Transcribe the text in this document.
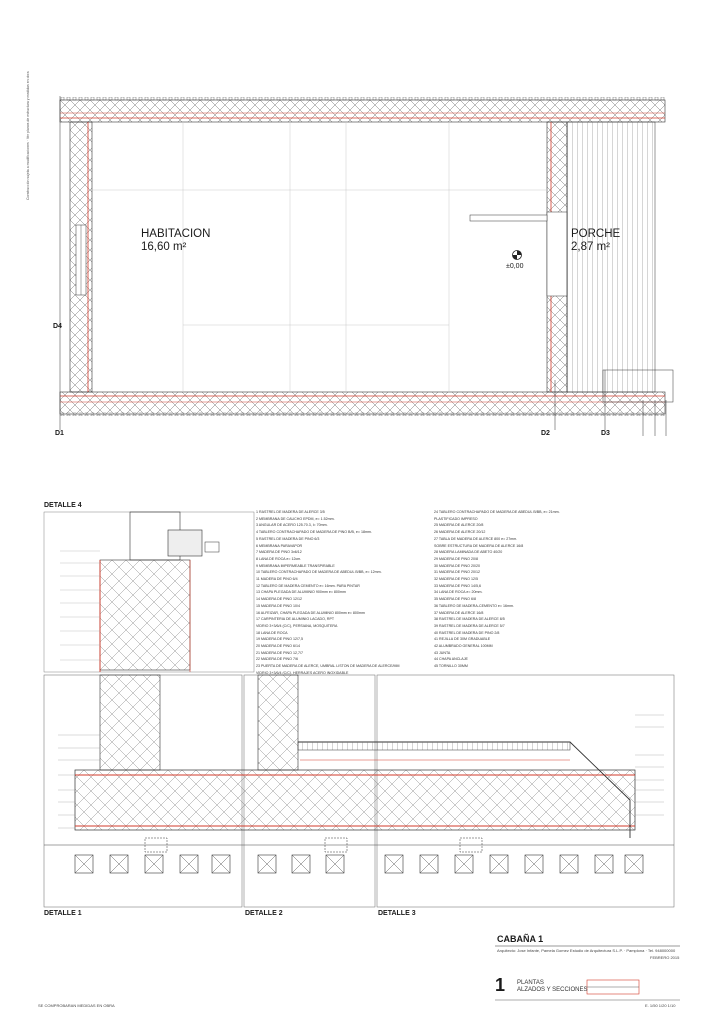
Construcción sujeta a modificaciones · Ver planos de estructura y medidas en obra
HABITACION
16,60 m²
PORCHE
2,87 m²
±0,00
D4
D1	D2	D3
DETALLE 4
DETALLE 1	DETALLE 2	DETALLE 3
1 RASTREL DE MADERA DE ALERCE 3/5
2 MEMBRANA DE CAUCHO EPDM, e= 1.52mm.
3 ANGULAR DE ACERO 125.70.3, l= 70mm.
4 TABLERO CONTRACHAPADO DE MADERA DE PINO B/B, e= 18mm.
5 RASTREL DE MADERA DE PINO 6/3
6 MEMBRANA PARAVAPOR
7 MADERA DE PINO 3x6/12
8 LANA DE ROCA e= 12cm.
9 MEMBRANA IMPERMEABLE TRANSPIRABLE
10 TABLERO CONTRACHAPADO DE MADERA DE ABEDUL B/BB, e= 12mm.
11 MADERA DE PINO 6/4
12 TABLERO DE MADERA CEMENTO e= 16mm. PARA PINTAR
13 CHAPA PLEGADA DE ALUMINIO 900mm e= 800mm
14 MADERA DE PINO 12/12
15 MADERA DE PINO 10/4
16 ALFEIZAR, CHAPA PLEGADA DE ALUMINIO 800mm e= 800mm
17 CARPINTERIA DE ALUMINIO LACADO, RPT
VIDRIO 3+3/6/4 (C/C), PERSIANA, MOSQUITERA
18 LANA DE ROCA
19 MADERA DE PINO 12/7,5
20 MADERA DE PINO 6/14
21 MADERA DE PINO 12,7/7
22 MADERA DE PINO 7/6
23 PUERTA DE MADERA DE ALERCE, UMBRAL LISTON DE MADERA DE ALERCE/MM
VIDRIO 3+3/6/4 (C/C), HERRAJES ACERO INOXIDABLE
24 TABLERO CONTRACHAPADO DE MADERA DE ABEDUL B/BB, e= 21mm.
PLASTIFICADO IMPRESO
25 MADERA DE ALERCE 20/8
26 MADERA DE ALERCE 20/12
27 TABLA DE MADERA DE ALERCE 800 e= 27mm.
SOBRE ESTRUCTURA DE MADERA DE ALERCE 16/8
28 MADERA LAMINADA DE ABETO 40/20
29 MADERA DE PINO 20/8
30 MADERA DE PINO 20/20
31 MADERA DE PINO 20/12
32 MADERA DE PINO 12/5
33 MADERA DE PINO 14/5,6
34 LANA DE ROCA e= 20mm.
35 MADERA DE PINO 6/8
36 TABLERO DE MADERA-CEMENTO e= 16mm.
37 MADERA DE ALERCE 16/8
38 RASTREL DE MADERA DE ALERCE 8/5
39 RASTREL DE MADERA DE ALERCE 5/7
40 RASTREL DE MADERA DE PINO 2/8
41 REJILLA DE 30M GRADUABLE
42 ALUMBRADO GENERAL 100MM
43 JUNTA
44 CHAPA ANCLAJE
45 TORNILLO 30MM
CABAÑA 1
Arquitecto: Jose Infante, Pamela Gomez Estudio de Arquitectura S.L.P. · Pamplona · Tel. 948000000
FEBRERO 2015
1 PLANTAS
ALZADOS Y SECCIONES
E. 1/50 1/20 1/10
SE COMPROBARAN MEDIDAS EN OBRA
